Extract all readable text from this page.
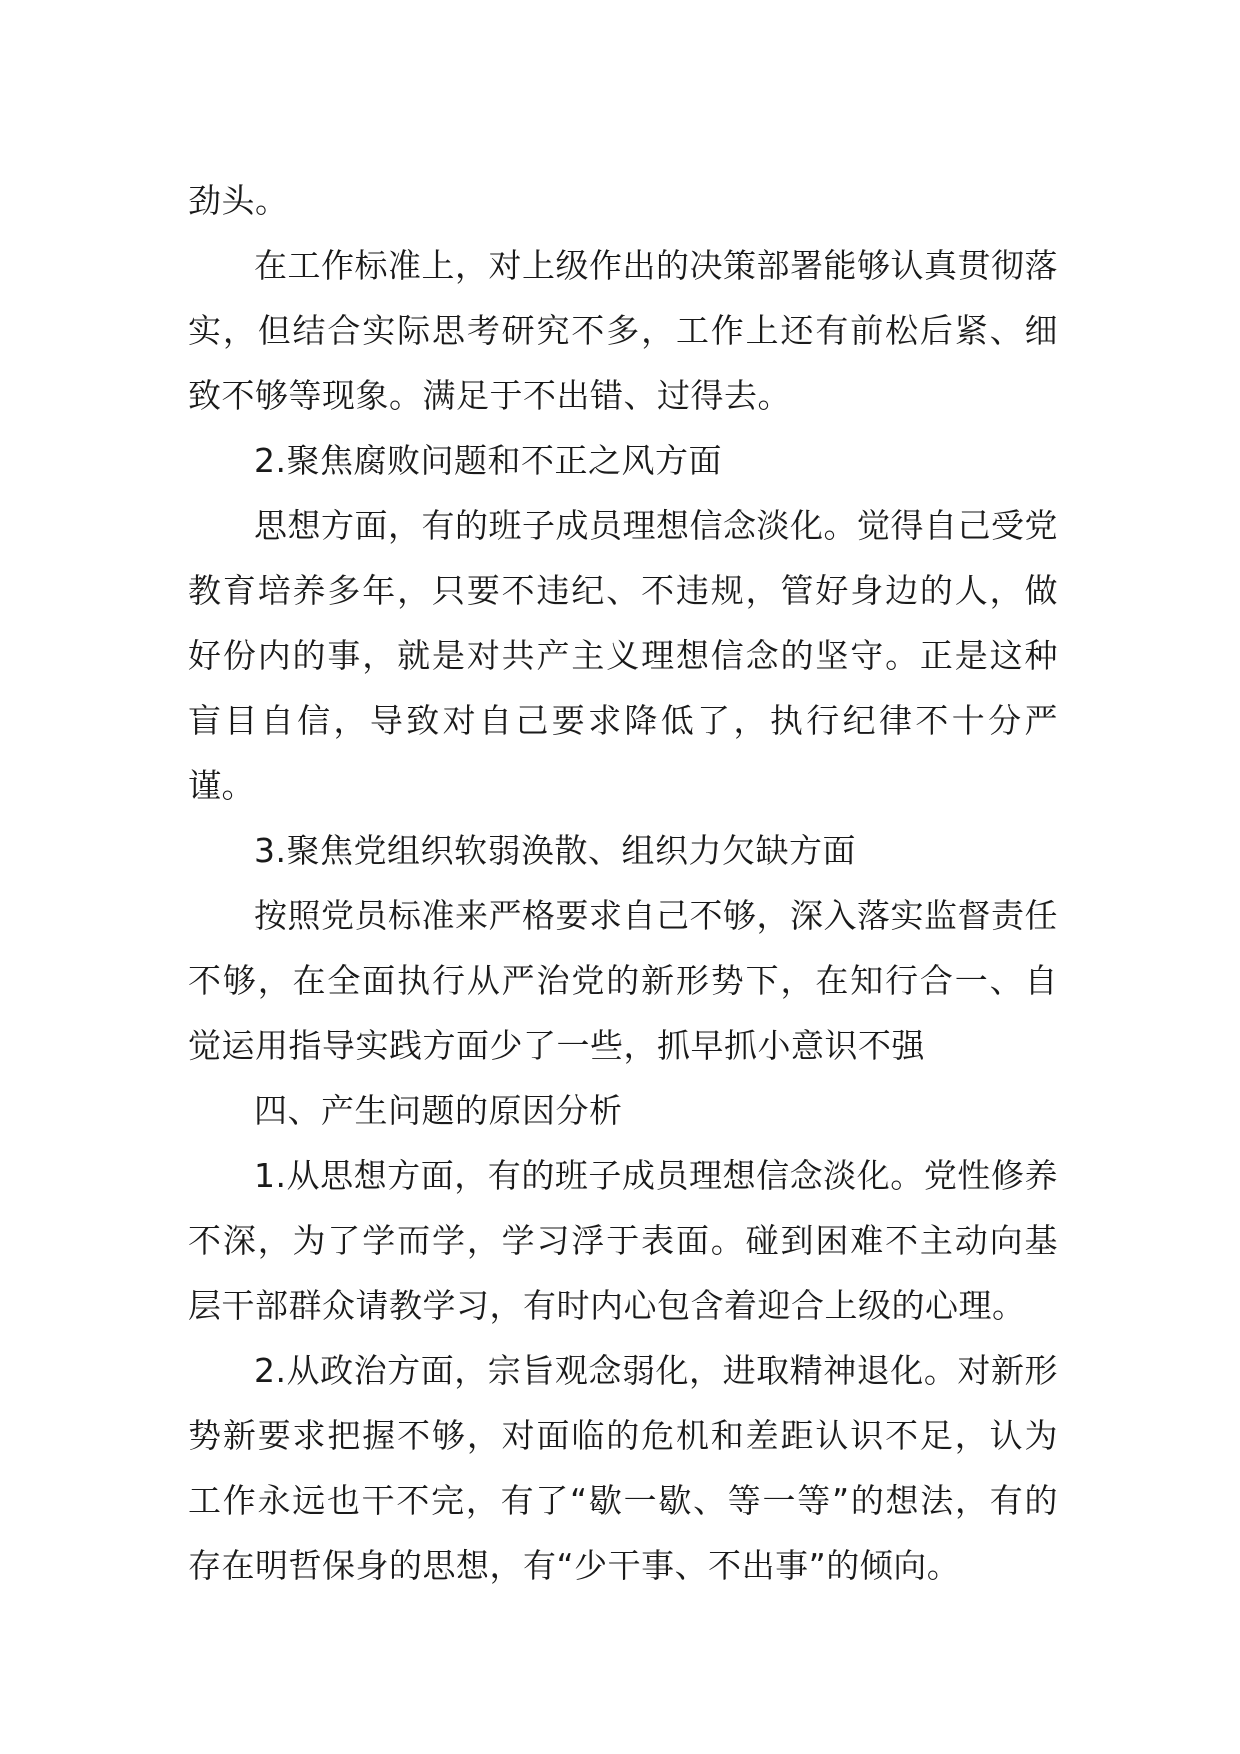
劲头。

在工作标准上，对上级作出的决策部署能够认真贯彻落实，但结合实际思考研究不多，工作上还有前松后紧、细致不够等现象。满足于不出错、过得去。

2.聚焦腐败问题和不正之风方面

思想方面，有的班子成员理想信念淡化。觉得自己受党教育培养多年，只要不违纪、不违规，管好身边的人，做好份内的事，就是对共产主义理想信念的坚守。正是这种盲目自信，导致对自己要求降低了，执行纪律不十分严谨。

3.聚焦党组织软弱涣散、组织力欠缺方面

按照党员标准来严格要求自己不够，深入落实监督责任不够，在全面执行从严治党的新形势下，在知行合一、自觉运用指导实践方面少了一些，抓早抓小意识不强

四、产生问题的原因分析

1.从思想方面，有的班子成员理想信念淡化。党性修养不深，为了学而学，学习浮于表面。碰到困难不主动向基层干部群众请教学习，有时内心包含着迎合上级的心理。

2.从政治方面，宗旨观念弱化，进取精神退化。对新形势新要求把握不够，对面临的危机和差距认识不足，认为工作永远也干不完，有了“歇一歇、等一等”的想法，有的存在明哲保身的思想，有“少干事、不出事”的倾向。
